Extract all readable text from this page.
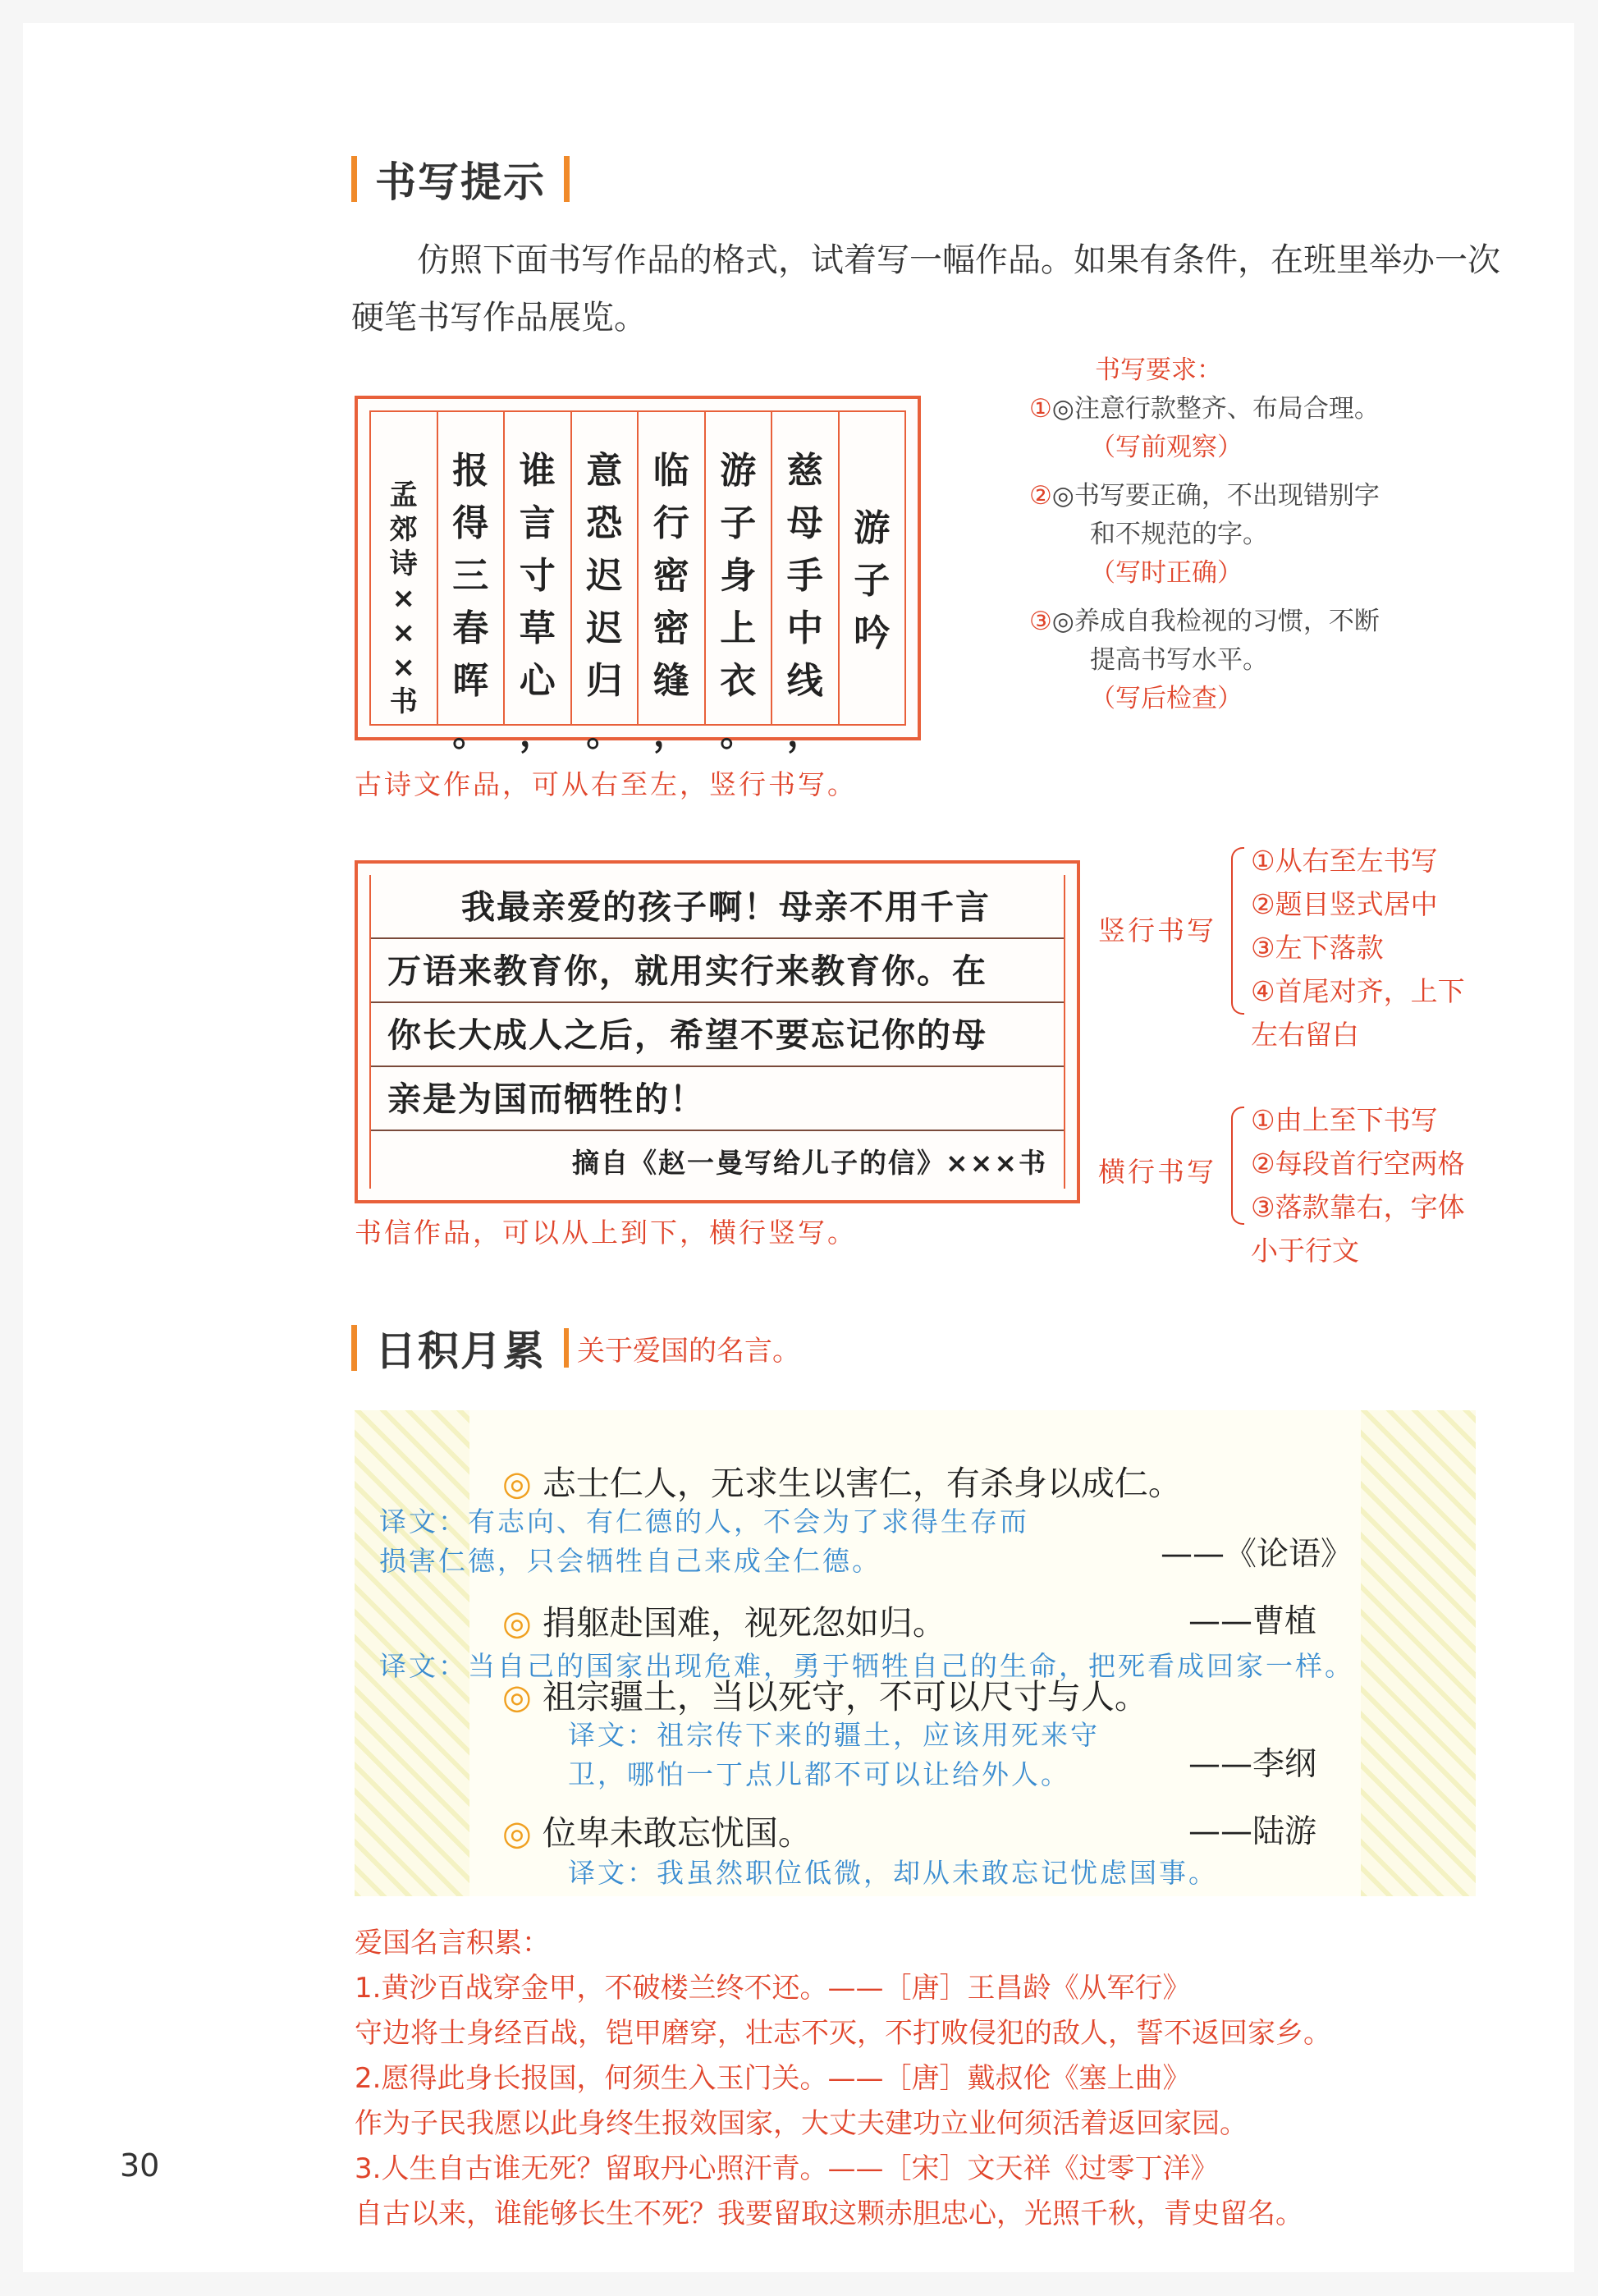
书写提示
仿照下面书写作品的格式，试着写一幅作品。如果有条件，在班里举办一次硬笔书写作品展览。
孟
郊
诗
×
×
×
书
报
得
三
春
晖
。
谁
言
寸
草
心
，
意
恐
迟
迟
归
。
临
行
密
密
缝
，
游
子
身
上
衣
。
慈
母
手
中
线
，
游
子
吟
古诗文作品，可从右至左，竖行书写。
书写要求：
①◎注意行款整齐、布局合理。
（写前观察）
②◎书写要正确，不出现错别字
和不规范的字。
（写时正确）
③◎养成自我检视的习惯，不断
提高书写水平。
（写后检查）
我最亲爱的孩子啊！母亲不用千言
万语来教育你，就用实行来教育你。在
你长大成人之后，希望不要忘记你的母
亲是为国而牺牲的！
摘自《赵一曼写给儿子的信》×××书
书信作品，可以从上到下，横行竖写。
竖行书写
①从右至左书写
②题目竖式居中
③左下落款
④首尾对齐，上下
左右留白
横行书写
①由上至下书写
②每段首行空两格
③落款靠右，字体
小于行文
日积月累 关于爱国的名言。
◎ 志士仁人，无求生以害仁，有杀身以成仁。
译文：有志向、有仁德的人，不会为了求得生存而
损害仁德，只会牺牲自己来成全仁德。	——《论语》
◎ 捐躯赴国难，视死忽如归。	——曹植
译文：当自己的国家出现危难，勇于牺牲自己的生命，把死看成回家一样。
◎ 祖宗疆土，当以死守，不可以尺寸与人。
译文：祖宗传下来的疆土，应该用死来守
卫，哪怕一丁点儿都不可以让给外人。	——李纲
◎ 位卑未敢忘忧国。	——陆游
译文：我虽然职位低微，却从未敢忘记忧虑国事。
爱国名言积累：
1.黄沙百战穿金甲，不破楼兰终不还。——［唐］王昌龄《从军行》
守边将士身经百战，铠甲磨穿，壮志不灭，不打败侵犯的敌人，誓不返回家乡。
2.愿得此身长报国，何须生入玉门关。——［唐］戴叔伦《塞上曲》
作为子民我愿以此身终生报效国家，大丈夫建功立业何须活着返回家园。
3.人生自古谁无死？留取丹心照汗青。——［宋］文天祥《过零丁洋》
自古以来，谁能够长生不死？我要留取这颗赤胆忠心，光照千秋，青史留名。
30
